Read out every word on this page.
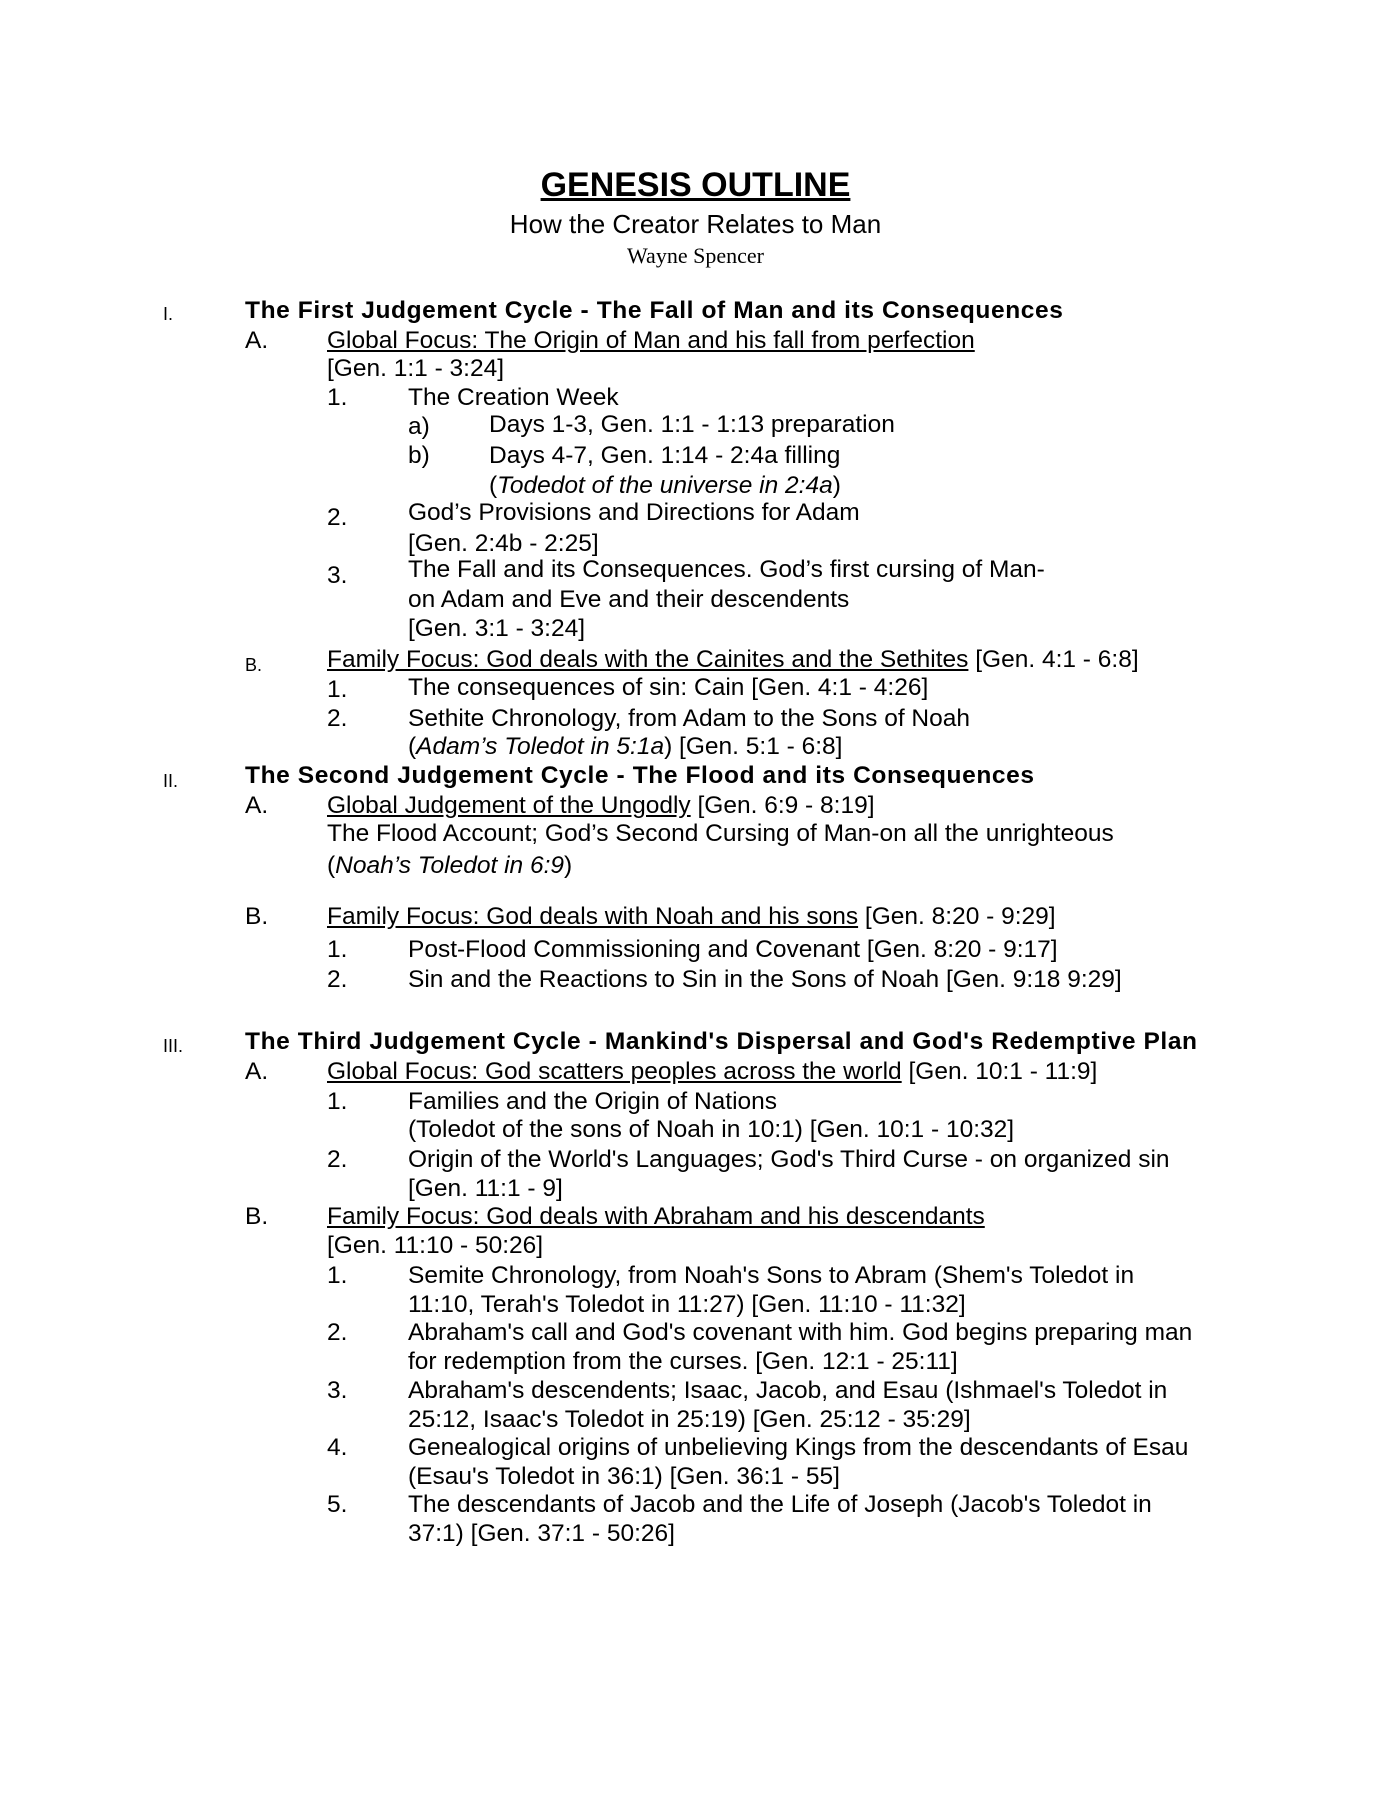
GENESIS OUTLINE
How the Creator Relates to Man
Wayne Spencer
I.	The First Judgement Cycle - The Fall of Man and its Consequences
A. Global Focus: The Origin of Man and his fall from perfection
[Gen. 1:1 - 3:24]
1. The Creation Week
a) Days 1-3, Gen. 1:1 - 1:13 preparation
b) Days 4-7, Gen. 1:14 - 2:4a filling
(Todedot of the universe in 2:4a)
2. God’s Provisions and Directions for Adam
[Gen. 2:4b - 2:25]
3. The Fall and its Consequences. God’s first cursing of Man-
on Adam and Eve and their descendents
[Gen. 3:1 - 3:24]
B.	Family Focus: God deals with the Cainites and the Sethites [Gen. 4:1 - 6:8]
1. The consequences of sin: Cain [Gen. 4:1 - 4:26]
2. Sethite Chronology, from Adam to the Sons of Noah
(Adam’s Toledot in 5:1a) [Gen. 5:1 - 6:8]
II.	The Second Judgement Cycle - The Flood and its Consequences
A. Global Judgement of the Ungodly [Gen. 6:9 - 8:19]
The Flood Account; God’s Second Cursing of Man-on all the unrighteous
(Noah’s Toledot in 6:9)
B. Family Focus: God deals with Noah and his sons [Gen. 8:20 - 9:29]
1. Post-Flood Commissioning and Covenant [Gen. 8:20 - 9:17]
2. Sin and the Reactions to Sin in the Sons of Noah [Gen. 9:18 9:29]
III.	The Third Judgement Cycle - Mankind's Dispersal and God's Redemptive Plan
A. Global Focus: God scatters peoples across the world [Gen. 10:1 - 11:9]
1. Families and the Origin of Nations
(Toledot of the sons of Noah in 10:1) [Gen. 10:1 - 10:32]
2. Origin of the World's Languages; God's Third Curse - on organized sin
[Gen. 11:1 - 9]
B. Family Focus: God deals with Abraham and his descendants
[Gen. 11:10 - 50:26]
1. Semite Chronology, from Noah's Sons to Abram (Shem's Toledot in
11:10, Terah's Toledot in 11:27) [Gen. 11:10 - 11:32]
2. Abraham's call and God's covenant with him. God begins preparing man
for redemption from the curses. [Gen. 12:1 - 25:11]
3. Abraham's descendents; Isaac, Jacob, and Esau (Ishmael's Toledot in
25:12, Isaac's Toledot in 25:19) [Gen. 25:12 - 35:29]
4. Genealogical origins of unbelieving Kings from the descendants of Esau
(Esau's Toledot in 36:1) [Gen. 36:1 - 55]
5. The descendants of Jacob and the Life of Joseph (Jacob's Toledot in
37:1) [Gen. 37:1 - 50:26]
